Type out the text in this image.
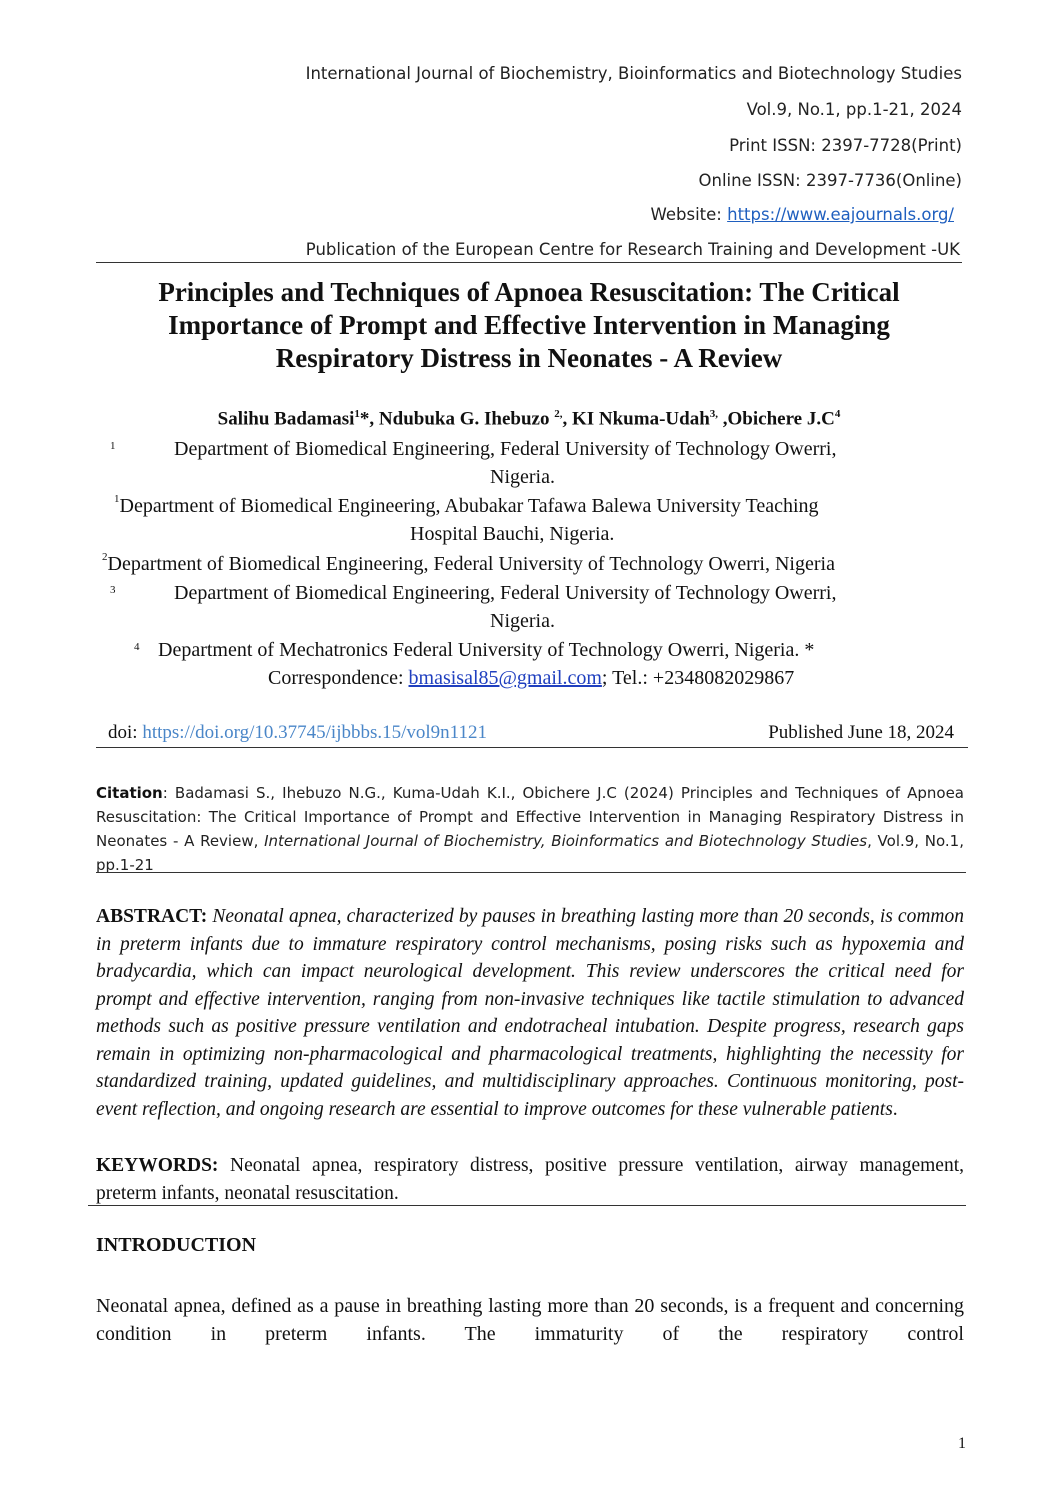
International Journal of Biochemistry, Bioinformatics and Biotechnology Studies
Vol.9, No.1, pp.1-21, 2024
Print ISSN: 2397-7728(Print)
Online ISSN: 2397-7736(Online)
Website: https://www.eajournals.org/
Publication of the European Centre for Research Training and Development -UK
Principles and Techniques of Apnoea Resuscitation: The Critical
Importance of Prompt and Effective Intervention in Managing
Respiratory Distress in Neonates - A Review
Salihu Badamasi$^1$*, Ndubuka G. Ihebuzo $^{2,}$, KI Nkuma-Udah$^{3,}$ ,Obichere $J.C^4$
1	Department of Biomedical Engineering, Federal University of Technology Owerri,
Nigeria.
$^1$Department of Biomedical Engineering, Abubakar Tafawa Balewa University Teaching
Hospital Bauchi, Nigeria.
$^2$Department of Biomedical Engineering, Federal University of Technology Owerri, Nigeria
3	Department of Biomedical Engineering, Federal University of Technology Owerri,
Nigeria.
4 Department of Mechatronics Federal University of Technology Owerri, Nigeria. *
Correspondence: bmasisal85@gmail.com; Tel.: +2348082029867
doi: https://doi.org/10.37745/ijbbbs.15/vol9n1121	Published June 18, 2024
Citation: Badamasi S., Ihebuzo N.G., Kuma-Udah K.I., Obichere J.C (2024) Principles and Techniques of Apnoea Resuscitation: The Critical Importance of Prompt and Effective Intervention in Managing Respiratory Distress in Neonates - A Review, International Journal of Biochemistry, Bioinformatics and Biotechnology Studies, Vol.9, No.1, pp.1-21
ABSTRACT: Neonatal apnea, characterized by pauses in breathing lasting more than 20 seconds, is common in preterm infants due to immature respiratory control mechanisms, posing risks such as hypoxemia and bradycardia, which can impact neurological development. This review underscores the critical need for prompt and effective intervention, ranging from non-invasive techniques like tactile stimulation to advanced methods such as positive pressure ventilation and endotracheal intubation. Despite progress, research gaps remain in optimizing non-pharmacological and pharmacological treatments, highlighting the necessity for standardized training, updated guidelines, and multidisciplinary approaches. Continuous monitoring, post-event reflection, and ongoing research are essential to improve outcomes for these vulnerable patients.
KEYWORDS: Neonatal apnea, respiratory distress, positive pressure ventilation, airway management, preterm infants, neonatal resuscitation.
INTRODUCTION
Neonatal apnea, defined as a pause in breathing lasting more than 20 seconds, is a frequent and concerning condition in preterm infants. The immaturity of the respiratory control
1
